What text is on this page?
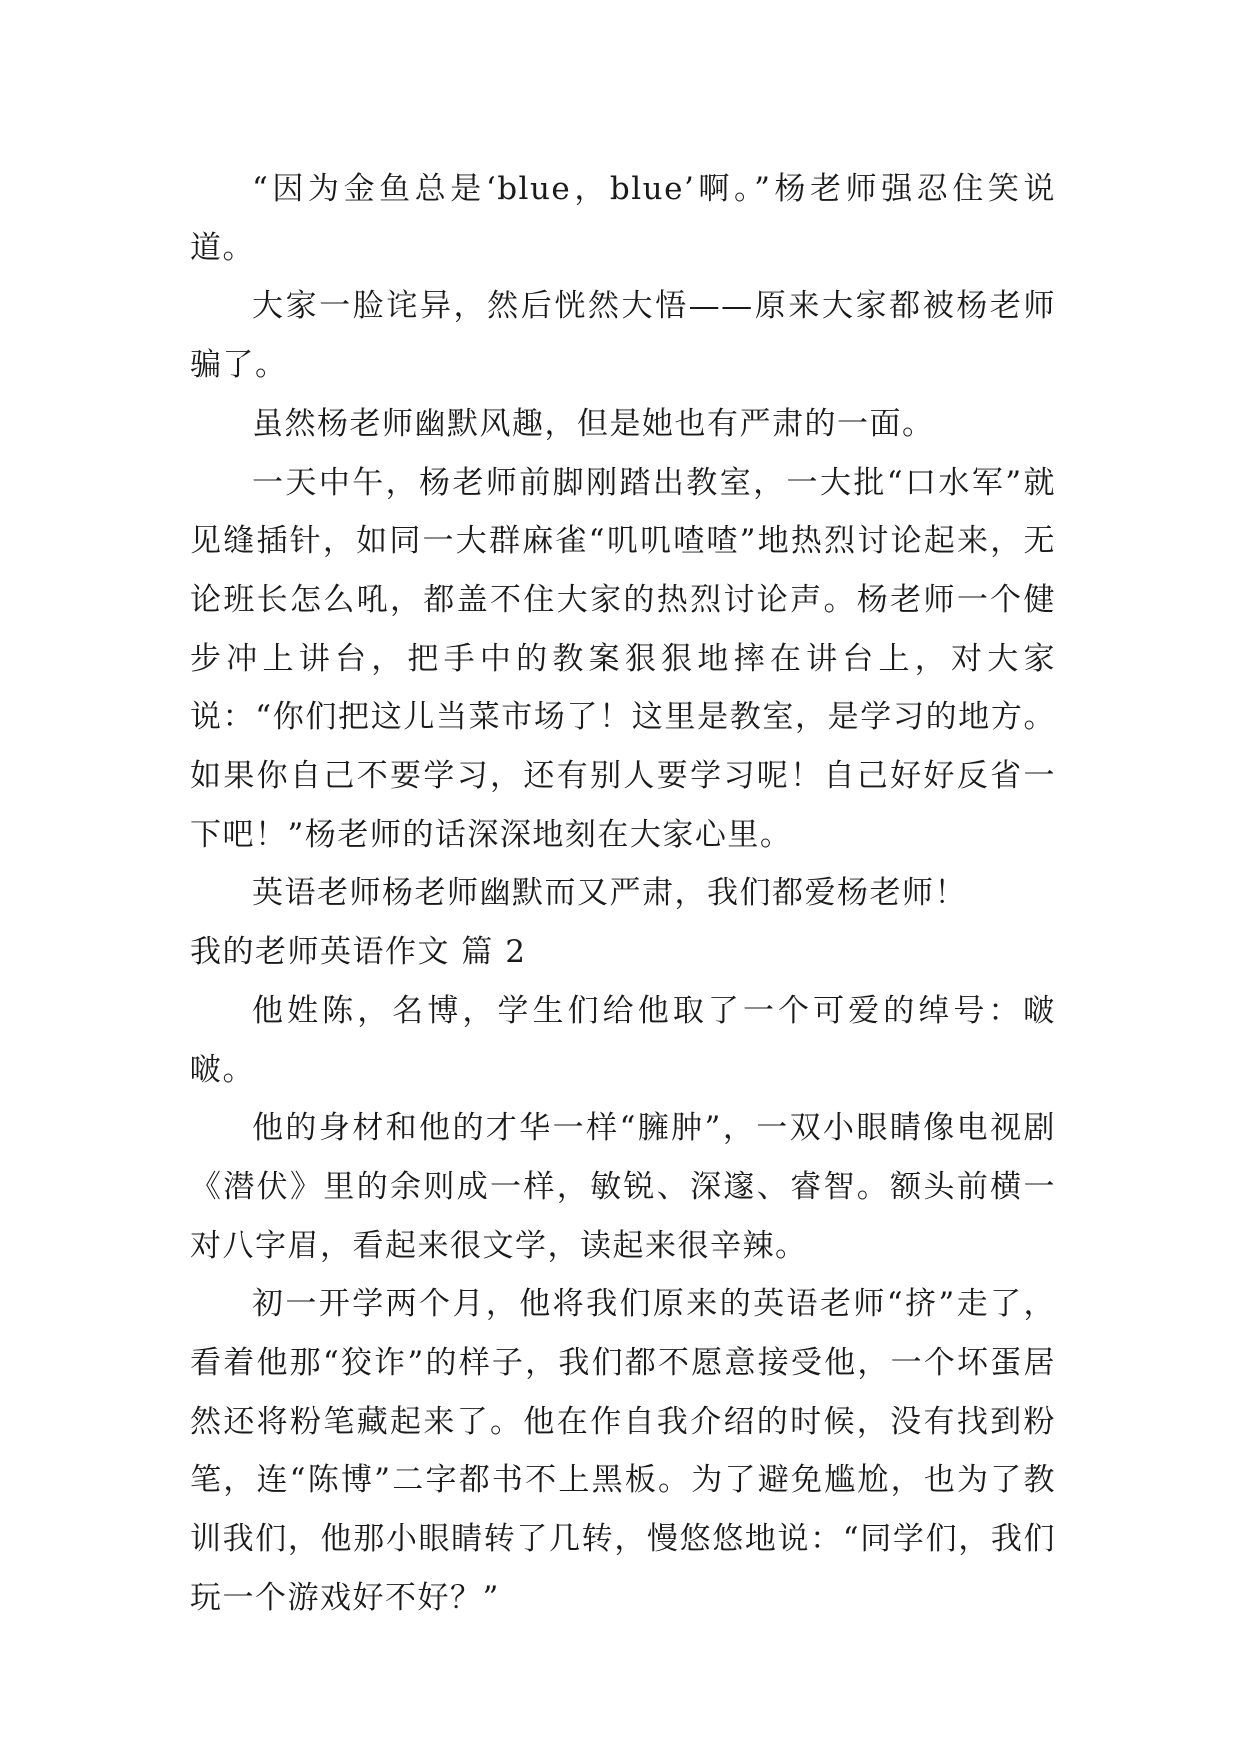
“因为金鱼总是‘blue，blue’啊。”杨老师强忍住笑说道。

大家一脸诧异，然后恍然大悟——原来大家都被杨老师骗了。

虽然杨老师幽默风趣，但是她也有严肃的一面。

一天中午，杨老师前脚刚踏出教室，一大批“口水军”就见缝插针，如同一大群麻雀“叽叽喳喳”地热烈讨论起来，无论班长怎么吼，都盖不住大家的热烈讨论声。杨老师一个健步冲上讲台，把手中的教案狠狠地摔在讲台上，对大家说：“你们把这儿当菜市场了！这里是教室，是学习的地方。如果你自己不要学习，还有别人要学习呢！自己好好反省一下吧！”杨老师的话深深地刻在大家心里。

英语老师杨老师幽默而又严肃，我们都爱杨老师！

我的老师英语作文 篇 2

他姓陈，名博，学生们给他取了一个可爱的绰号：啵啵。

他的身材和他的才华一样“臃肿”，一双小眼睛像电视剧《潜伏》里的余则成一样，敏锐、深邃、睿智。额头前横一对八字眉，看起来很文学，读起来很辛辣。

初一开学两个月，他将我们原来的英语老师“挤”走了，看着他那“狡诈”的样子，我们都不愿意接受他，一个坏蛋居然还将粉笔藏起来了。他在作自我介绍的时候，没有找到粉笔，连“陈博”二字都书不上黑板。为了避免尴尬，也为了教训我们，他那小眼睛转了几转，慢悠悠地说：“同学们，我们玩一个游戏好不好？”
